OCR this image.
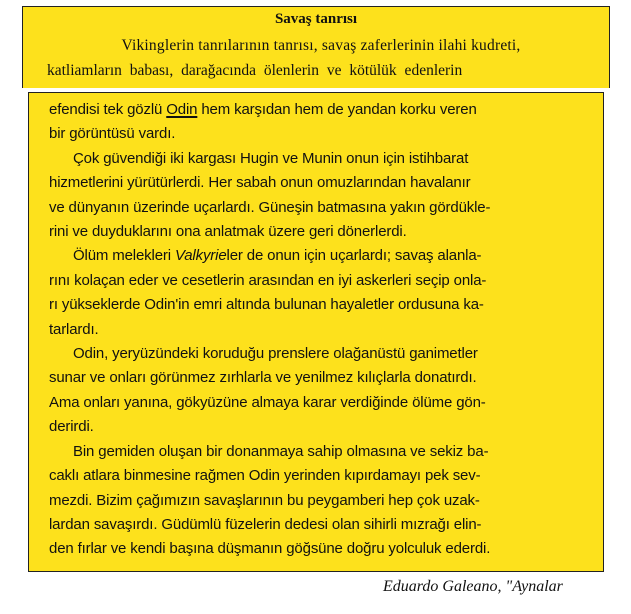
Savaş tanrısı
Vikinglerin tanrılarının tanrısı, savaş zaferlerinin ilahi kudreti,
katliamların babası, darağacında ölenlerin ve kötülük edenlerin
efendisi tek gözlü Odin hem karşıdan hem de yandan korku veren
bir görüntüsü vardı.
Çok güvendiği iki kargası Hugin ve Munin onun için istihbarat
hizmetlerini yürütürlerdi. Her sabah onun omuzlarından havalanır
ve dünyanın üzerinde uçarlardı. Güneşin batmasına yakın gördükle-
rini ve duyduklarını ona anlatmak üzere geri dönerlerdi.
Ölüm melekleri Valkyrieler de onun için uçarlardı; savaş alanla-
rını kolaçan eder ve cesetlerin arasından en iyi askerleri seçip onla-
rı yükseklerde Odin'in emri altında bulunan hayaletler ordusuna ka-
tarlardı.
Odin, yeryüzündeki koruduğu prenslere olağanüstü ganimetler
sunar ve onları görünmez zırhlarla ve yenilmez kılıçlarla donatırdı.
Ama onları yanına, gökyüzüne almaya karar verdiğinde ölüme gön-
derirdi.
Bin gemiden oluşan bir donanmaya sahip olmasına ve sekiz ba-
caklı atlara binmesine rağmen Odin yerinden kıpırdamayı pek sev-
mezdi. Bizim çağımızın savaşlarının bu peygamberi hep çok uzak-
lardan savaşırdı. Güdümlü füzelerin dedesi olan sihirli mızrağı elin-
den fırlar ve kendi başına düşmanın göğsüne doğru yolculuk ederdi.
Eduardo Galeano, "Aynalar
